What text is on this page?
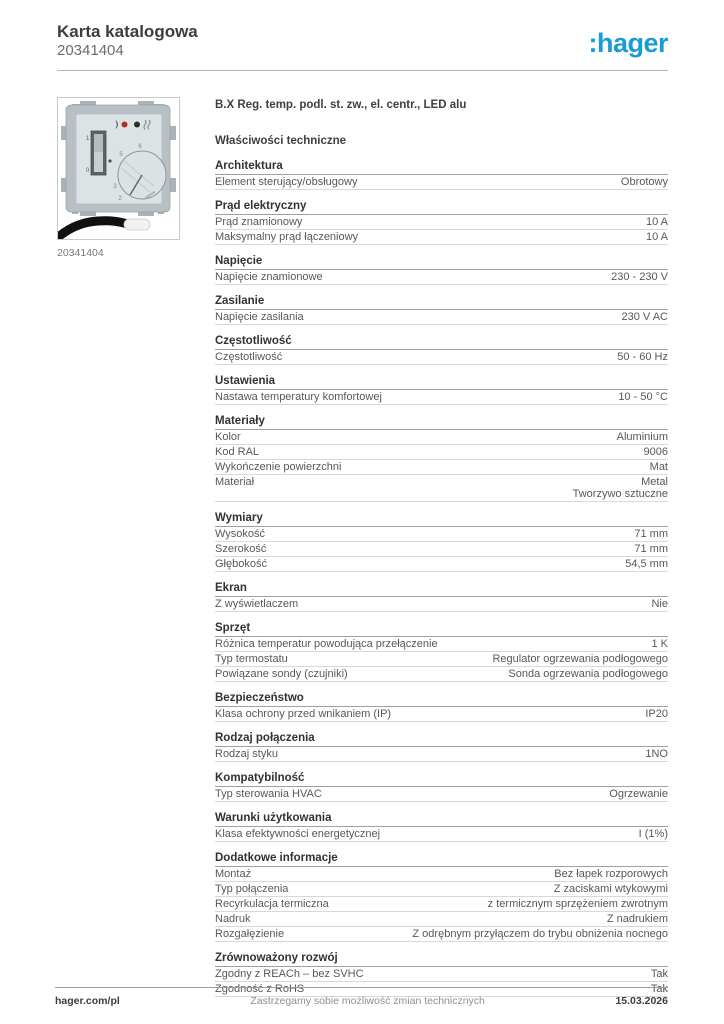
Karta katalogowa
20341404	:hager
1
0
6
5
3
2
·
20341404
B.X Reg. temp. podl. st. zw., el. centr., LED alu
Właściwości techniczne
Architektura
Element sterujący/obsługowy	Obrotowy
Prąd elektryczny
Prąd znamionowy	10 A
Maksymalny prąd łączeniowy	10 A
Napięcie
Napięcie znamionowe	230 - 230 V
Zasilanie
Napięcie zasilania	230 V AC
Częstotliwość
Częstotliwość	50 - 60 Hz
Ustawienia
Nastawa temperatury komfortowej	10 - 50 °C
Materiały
Kolor	Aluminium
Kod RAL	9006
Wykończenie powierzchni	Mat
Materiał	Metal
Tworzywo sztuczne
Wymiary
Wysokość	71 mm
Szerokość	71 mm
Głębokość	54,5 mm
Ekran
Z wyświetlaczem	Nie
Sprzęt
Różnica temperatur powodująca przełączenie	1 K
Typ termostatu	Regulator ogrzewania podłogowego
Powiązane sondy (czujniki)	Sonda ogrzewania podłogowego
Bezpieczeństwo
Klasa ochrony przed wnikaniem (IP)	IP20
Rodzaj połączenia
Rodzaj styku	1NO
Kompatybilność
Typ sterowania HVAC	Ogrzewanie
Warunki użytkowania
Klasa efektywności energetycznej	I (1%)
Dodatkowe informacje
Montaż	Bez łapek rozporowych
Typ połączenia	Z zaciskami wtykowymi
Recyrkulacja termiczna	z termicznym sprzężeniem zwrotnym
Nadruk	Z nadrukiem
Rozgałęzienie	Z odrębnym przyłączem do trybu obniżenia nocnego
Zrównoważony rozwój
Zgodny z REACh – bez SVHC	Tak
Zgodność z RoHS	Tak
hager.com/pl	Zastrzegamy sobie możliwość zmian technicznych	15.03.2026
